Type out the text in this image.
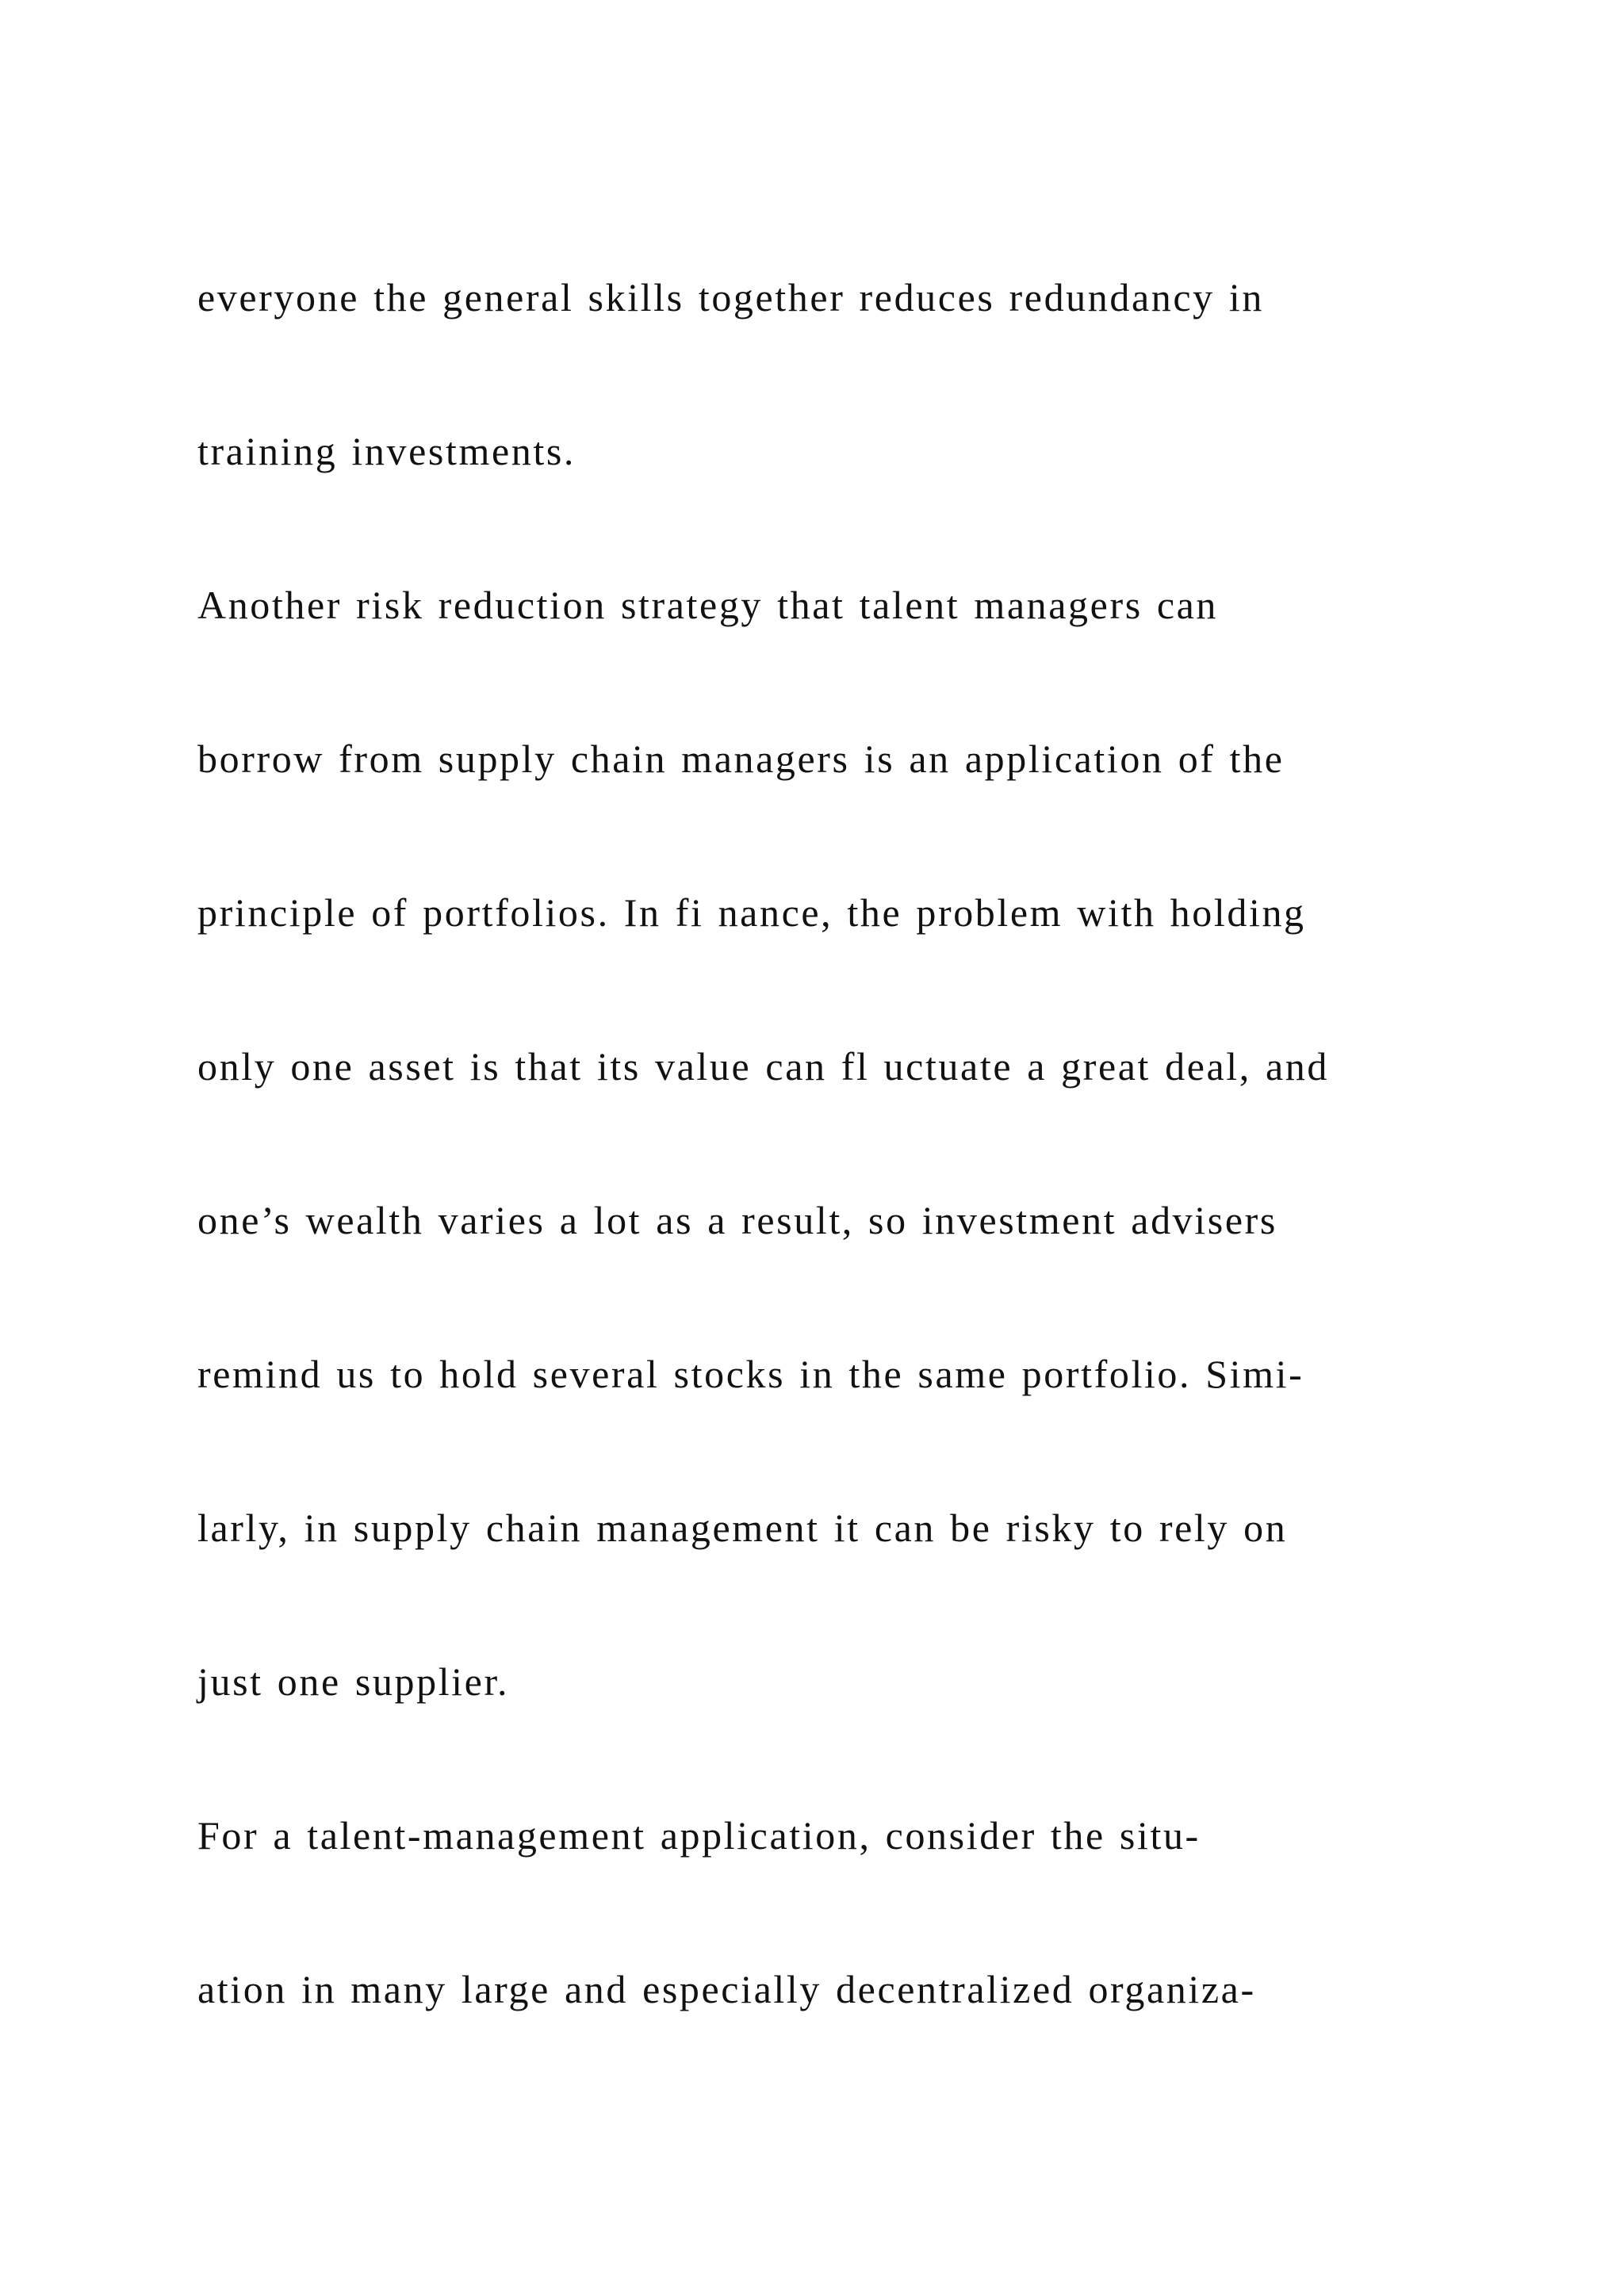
everyone the general skills together reduces redundancy in
training investments.
Another risk reduction strategy that talent managers can
borrow from supply chain managers is an application of the
principle of portfolios. In fi nance, the problem with holding
only one asset is that its value can fl uctuate a great deal, and
one’s wealth varies a lot as a result, so investment advisers
remind us to hold several stocks in the same portfolio. Simi-
larly, in supply chain management it can be risky to rely on
just one supplier.
For a talent-management application, consider the situ-
ation in many large and especially decentralized organiza-
